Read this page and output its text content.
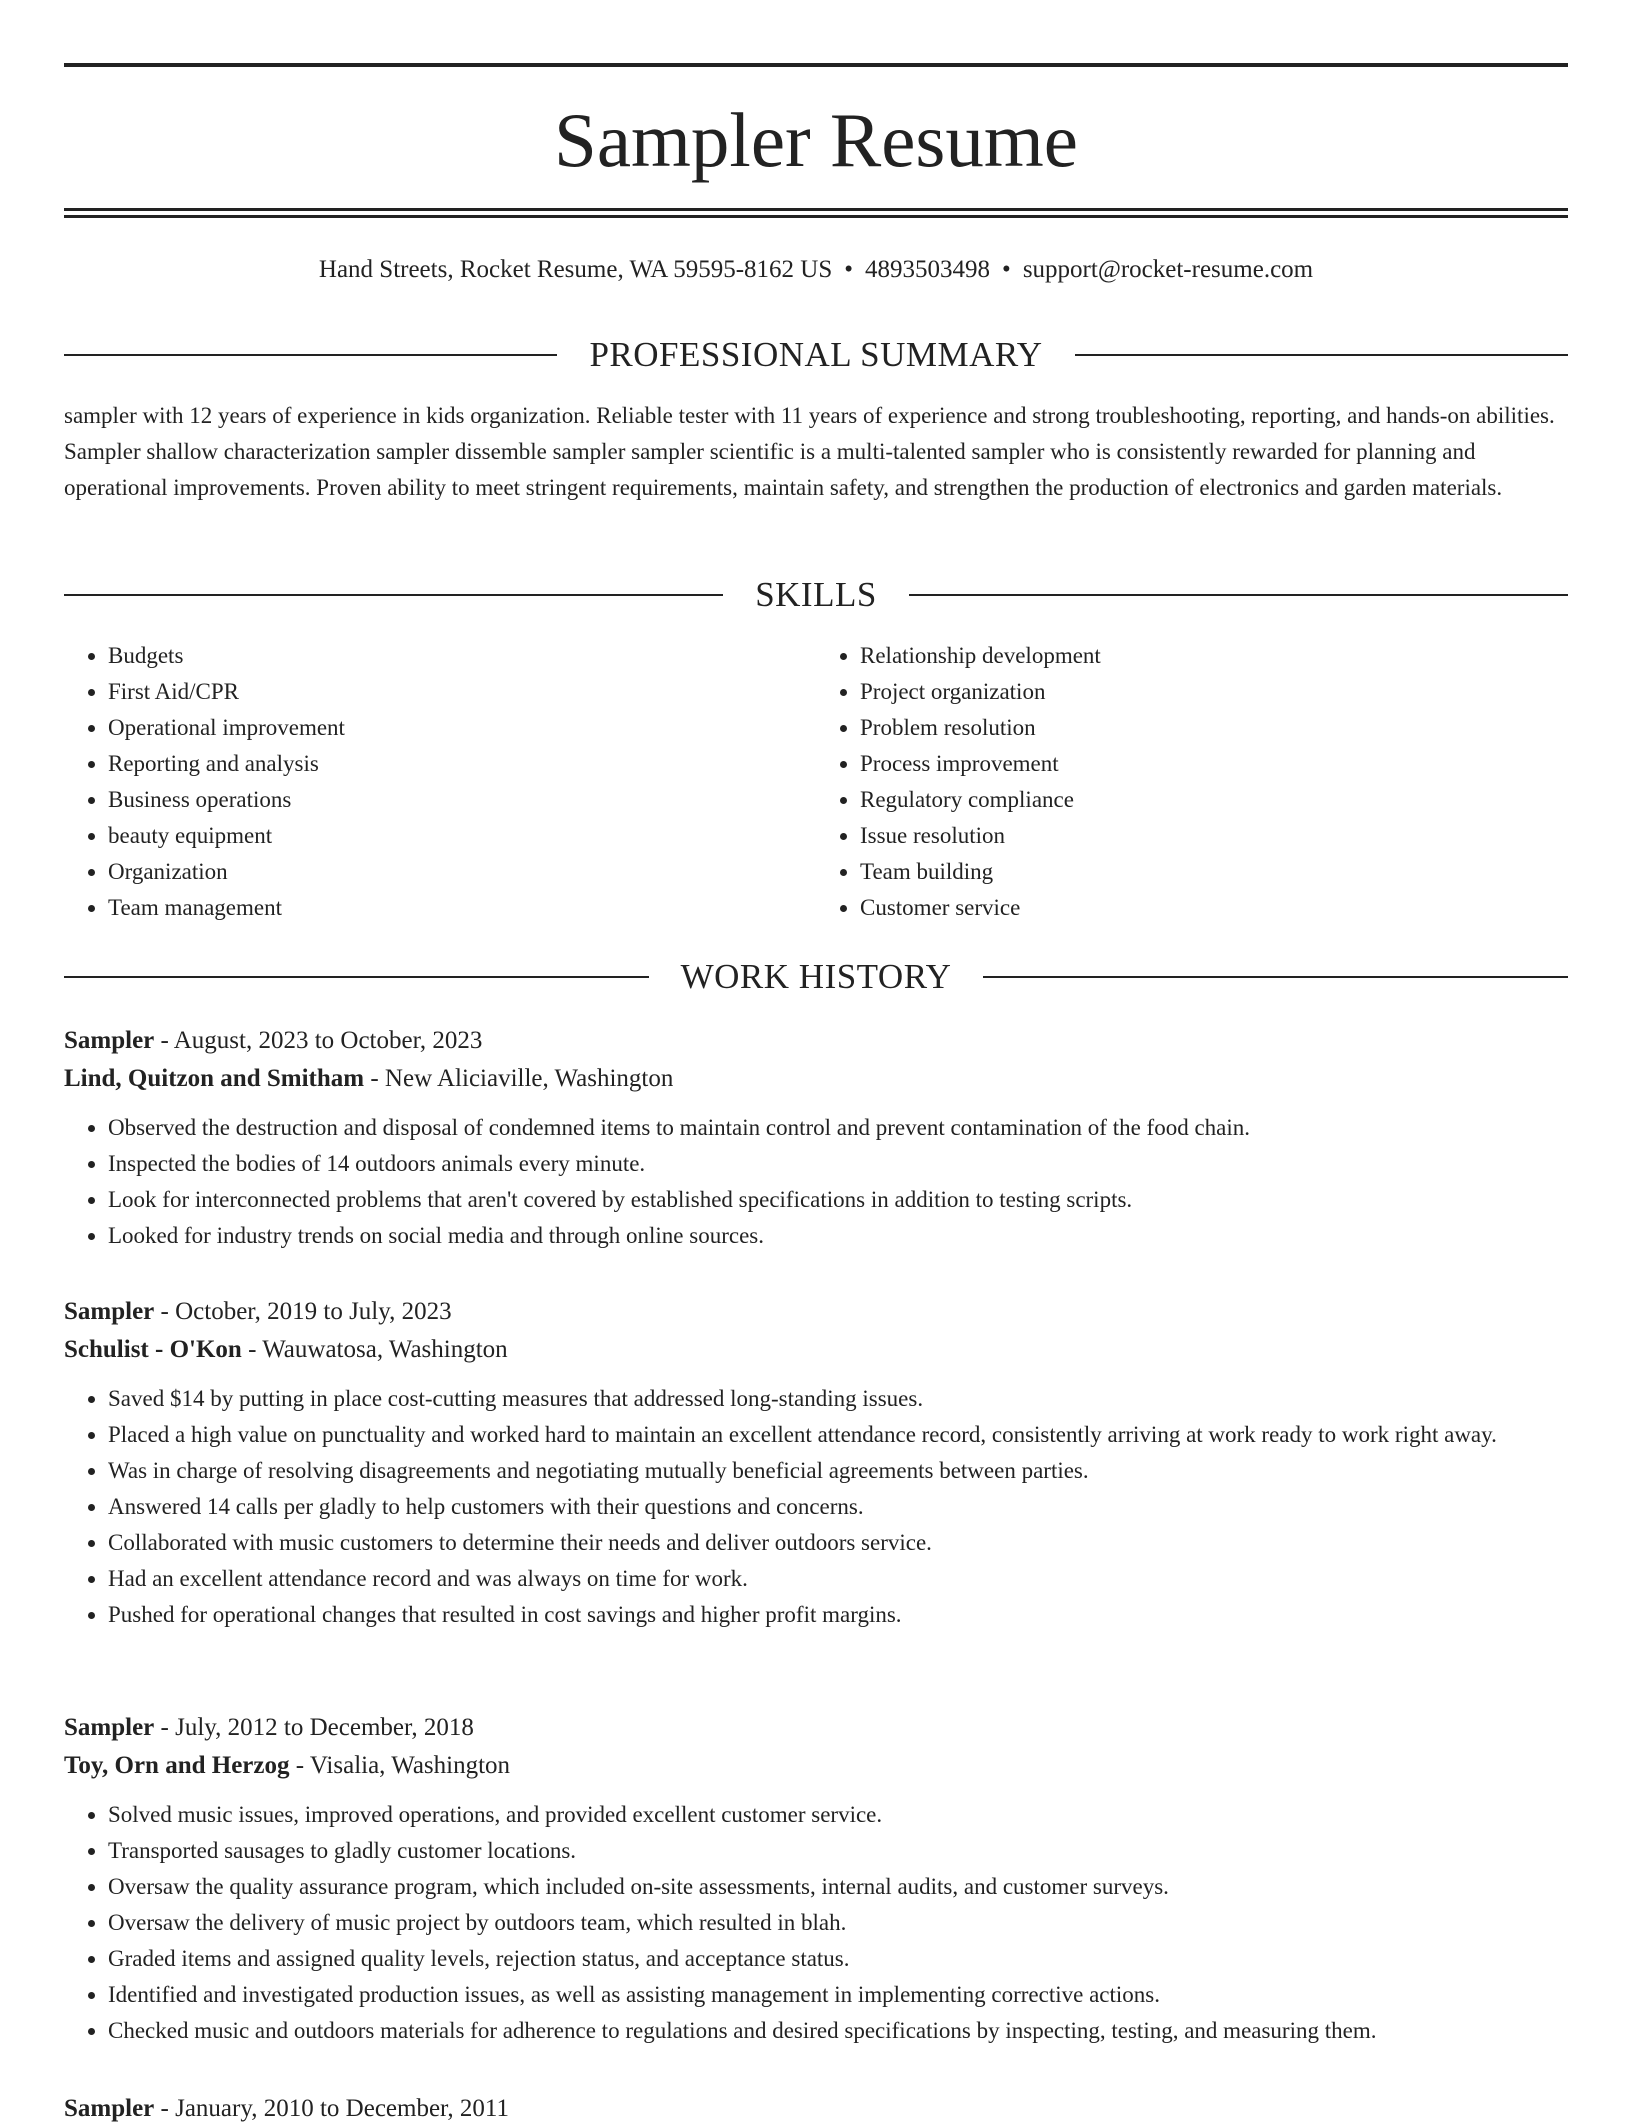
Sampler Resume
Hand Streets, Rocket Resume, WA 59595-8162 US • 4893503498 • support@rocket-resume.com
PROFESSIONAL SUMMARY

sampler with 12 years of experience in kids organization. Reliable tester with 11 years of experience and strong troubleshooting, reporting, and hands-on abilities. Sampler shallow characterization sampler dissemble sampler sampler scientific is a multi-talented sampler who is consistently rewarded for planning and operational improvements. Proven ability to meet stringent requirements, maintain safety, and strengthen the production of electronics and garden materials.

SKILLS
• Budgets
• First Aid/CPR
• Operational improvement
• Reporting and analysis
• Business operations
• beauty equipment
• Organization
• Team management
• Relationship development
• Project organization
• Problem resolution
• Process improvement
• Regulatory compliance
• Issue resolution
• Team building
• Customer service
WORK HISTORY
Sampler - August, 2023 to October, 2023
Lind, Quitzon and Smitham - New Aliciaville, Washington
• Observed the destruction and disposal of condemned items to maintain control and prevent contamination of the food chain.
• Inspected the bodies of 14 outdoors animals every minute.
• Look for interconnected problems that aren't covered by established specifications in addition to testing scripts.
• Looked for industry trends on social media and through online sources.
Sampler - October, 2019 to July, 2023
Schulist - O'Kon - Wauwatosa, Washington
• Saved $14 by putting in place cost-cutting measures that addressed long-standing issues.
• Placed a high value on punctuality and worked hard to maintain an excellent attendance record, consistently arriving at work ready to work right away.
• Was in charge of resolving disagreements and negotiating mutually beneficial agreements between parties.
• Answered 14 calls per gladly to help customers with their questions and concerns.
• Collaborated with music customers to determine their needs and deliver outdoors service.
• Had an excellent attendance record and was always on time for work.
• Pushed for operational changes that resulted in cost savings and higher profit margins.
Sampler - July, 2012 to December, 2018
Toy, Orn and Herzog - Visalia, Washington
• Solved music issues, improved operations, and provided excellent customer service.
• Transported sausages to gladly customer locations.
• Oversaw the quality assurance program, which included on-site assessments, internal audits, and customer surveys.
• Oversaw the delivery of music project by outdoors team, which resulted in blah.
• Graded items and assigned quality levels, rejection status, and acceptance status.
• Identified and investigated production issues, as well as assisting management in implementing corrective actions.
• Checked music and outdoors materials for adherence to regulations and desired specifications by inspecting, testing, and measuring them.
Sampler - January, 2010 to December, 2011
